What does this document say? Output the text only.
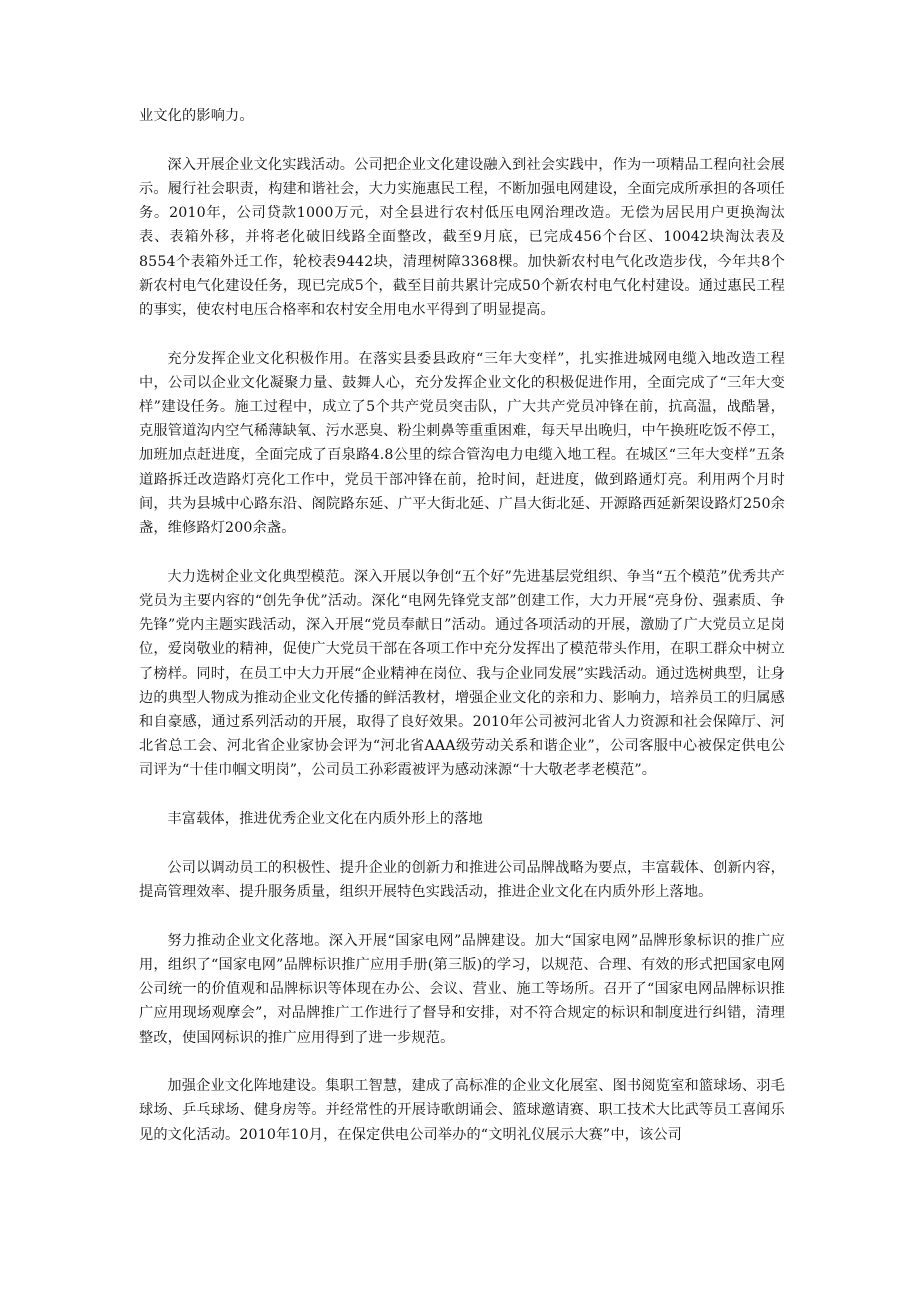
业文化的影响力。

深入开展企业文化实践活动。公司把企业文化建设融入到社会实践中，作为一项精品工程向社会展示。履行社会职责，构建和谐社会，大力实施惠民工程，不断加强电网建设，全面完成所承担的各项任务。2010年，公司贷款1000万元，对全县进行农村低压电网治理改造。无偿为居民用户更换淘汰表、表箱外移，并将老化破旧线路全面整改，截至9月底，已完成456个台区、10042块淘汰表及8554个表箱外迁工作，轮校表9442块，清理树障3368棵。加快新农村电气化改造步伐，今年共8个新农村电气化建设任务，现已完成5个，截至目前共累计完成50个新农村电气化村建设。通过惠民工程的事实，使农村电压合格率和农村安全用电水平得到了明显提高。

充分发挥企业文化积极作用。在落实县委县政府“三年大变样”，扎实推进城网电缆入地改造工程中，公司以企业文化凝聚力量、鼓舞人心，充分发挥企业文化的积极促进作用，全面完成了“三年大变样”建设任务。施工过程中，成立了5个共产党员突击队，广大共产党员冲锋在前，抗高温，战酷暑，克服管道沟内空气稀薄缺氧、污水恶臭、粉尘刺鼻等重重困难，每天早出晚归，中午换班吃饭不停工，加班加点赶进度，全面完成了百泉路4.8公里的综合管沟电力电缆入地工程。在城区“三年大变样”五条道路拆迁改造路灯亮化工作中，党员干部冲锋在前，抢时间，赶进度，做到路通灯亮。利用两个月时间，共为县城中心路东沿、阁院路东延、广平大街北延、广昌大街北延、开源路西延新架设路灯250余盏，维修路灯200余盏。

大力选树企业文化典型模范。深入开展以争创“五个好”先进基层党组织、争当“五个模范”优秀共产党员为主要内容的“创先争优”活动。深化“电网先锋党支部”创建工作，大力开展“亮身份、强素质、争先锋”党内主题实践活动，深入开展“党员奉献日”活动。通过各项活动的开展，激励了广大党员立足岗位，爱岗敬业的精神，促使广大党员干部在各项工作中充分发挥出了模范带头作用，在职工群众中树立了榜样。同时，在员工中大力开展“企业精神在岗位、我与企业同发展”实践活动。通过选树典型，让身边的典型人物成为推动企业文化传播的鲜活教材，增强企业文化的亲和力、影响力，培养员工的归属感和自豪感，通过系列活动的开展，取得了良好效果。2010年公司被河北省人力资源和社会保障厅、河北省总工会、河北省企业家协会评为“河北省AAA级劳动关系和谐企业”，公司客服中心被保定供电公司评为“十佳巾帼文明岗”，公司员工孙彩霞被评为感动涞源“十大敬老孝老模范”。

丰富载体，推进优秀企业文化在内质外形上的落地

公司以调动员工的积极性、提升企业的创新力和推进公司品牌战略为要点，丰富载体、创新内容，提高管理效率、提升服务质量，组织开展特色实践活动，推进企业文化在内质外形上落地。

努力推动企业文化落地。深入开展“国家电网”品牌建设。加大“国家电网”品牌形象标识的推广应用，组织了“国家电网”品牌标识推广应用手册(第三版)的学习，以规范、合理、有效的形式把国家电网公司统一的价值观和品牌标识等体现在办公、会议、营业、施工等场所。召开了“国家电网品牌标识推广应用现场观摩会”，对品牌推广工作进行了督导和安排，对不符合规定的标识和制度进行纠错，清理整改，使国网标识的推广应用得到了进一步规范。

加强企业文化阵地建设。集职工智慧，建成了高标准的企业文化展室、图书阅览室和篮球场、羽毛球场、乒乓球场、健身房等。并经常性的开展诗歌朗诵会、篮球邀请赛、职工技术大比武等员工喜闻乐见的文化活动。2010年10月，在保定供电公司举办的“文明礼仪展示大赛”中，该公司
